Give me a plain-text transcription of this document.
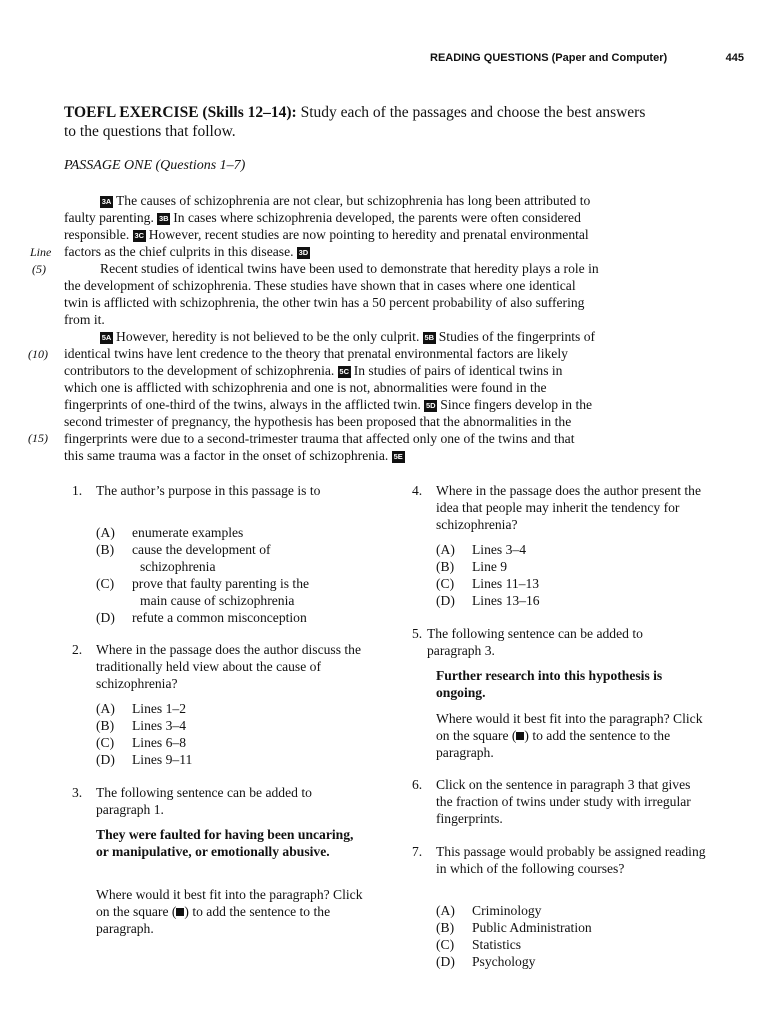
READING QUESTIONS (Paper and Computer)	445
TOEFL EXERCISE (Skills 12–14): Study each of the passages and choose the best answers
to the questions that follow.
PASSAGE ONE (Questions 1–7)
Line
(5)
(10)
(15)
3A The causes of schizophrenia are not clear, but schizophrenia has long been attributed to
faulty parenting. 3B In cases where schizophrenia developed, the parents were often considered
responsible. 3C However, recent studies are now pointing to heredity and prenatal environmental
factors as the chief culprits in this disease. 3D
Recent studies of identical twins have been used to demonstrate that heredity plays a role in
the development of schizophrenia. These studies have shown that in cases where one identical
twin is afflicted with schizophrenia, the other twin has a 50 percent probability of also suffering
from it.
5A However, heredity is not believed to be the only culprit. 5B Studies of the fingerprints of
identical twins have lent credence to the theory that prenatal environmental factors are likely
contributors to the development of schizophrenia. 5C In studies of pairs of identical twins in
which one is afflicted with schizophrenia and one is not, abnormalities were found in the
fingerprints of one-third of the twins, always in the afflicted twin. 5D Since fingers develop in the
second trimester of pregnancy, the hypothesis has been proposed that the abnormalities in the
fingerprints were due to a second-trimester trauma that affected only one of the twins and that
this same trauma was a factor in the onset of schizophrenia. 5E
1. The author’s purpose in this passage is to
(A) enumerate examples
(B) cause the development of
schizophrenia
(C) prove that faulty parenting is the
main cause of schizophrenia
(D) refute a common misconception
2. Where in the passage does the author discuss the traditionally held view about the cause of schizophrenia?
(A) Lines 1–2
(B) Lines 3–4
(C) Lines 6–8
(D) Lines 9–11
3. The following sentence can be added to paragraph 1.
They were faulted for having been uncaring, or manipulative, or emotionally abusive.
Where would it best fit into the paragraph? Click on the square ( ) to add the sentence to the paragraph.
4. Where in the passage does the author present the idea that people may inherit the tendency for schizophrenia?
(A) Lines 3–4
(B) Line 9
(C) Lines 11–13
(D) Lines 13–16
5. The following sentence can be added to paragraph 3.
Further research into this hypothesis is ongoing.
Where would it best fit into the paragraph? Click on the square ( ) to add the sentence to the paragraph.
6. Click on the sentence in paragraph 3 that gives the fraction of twins under study with irregular fingerprints.
7. This passage would probably be assigned reading in which of the following courses?
(A) Criminology
(B) Public Administration
(C) Statistics
(D) Psychology
